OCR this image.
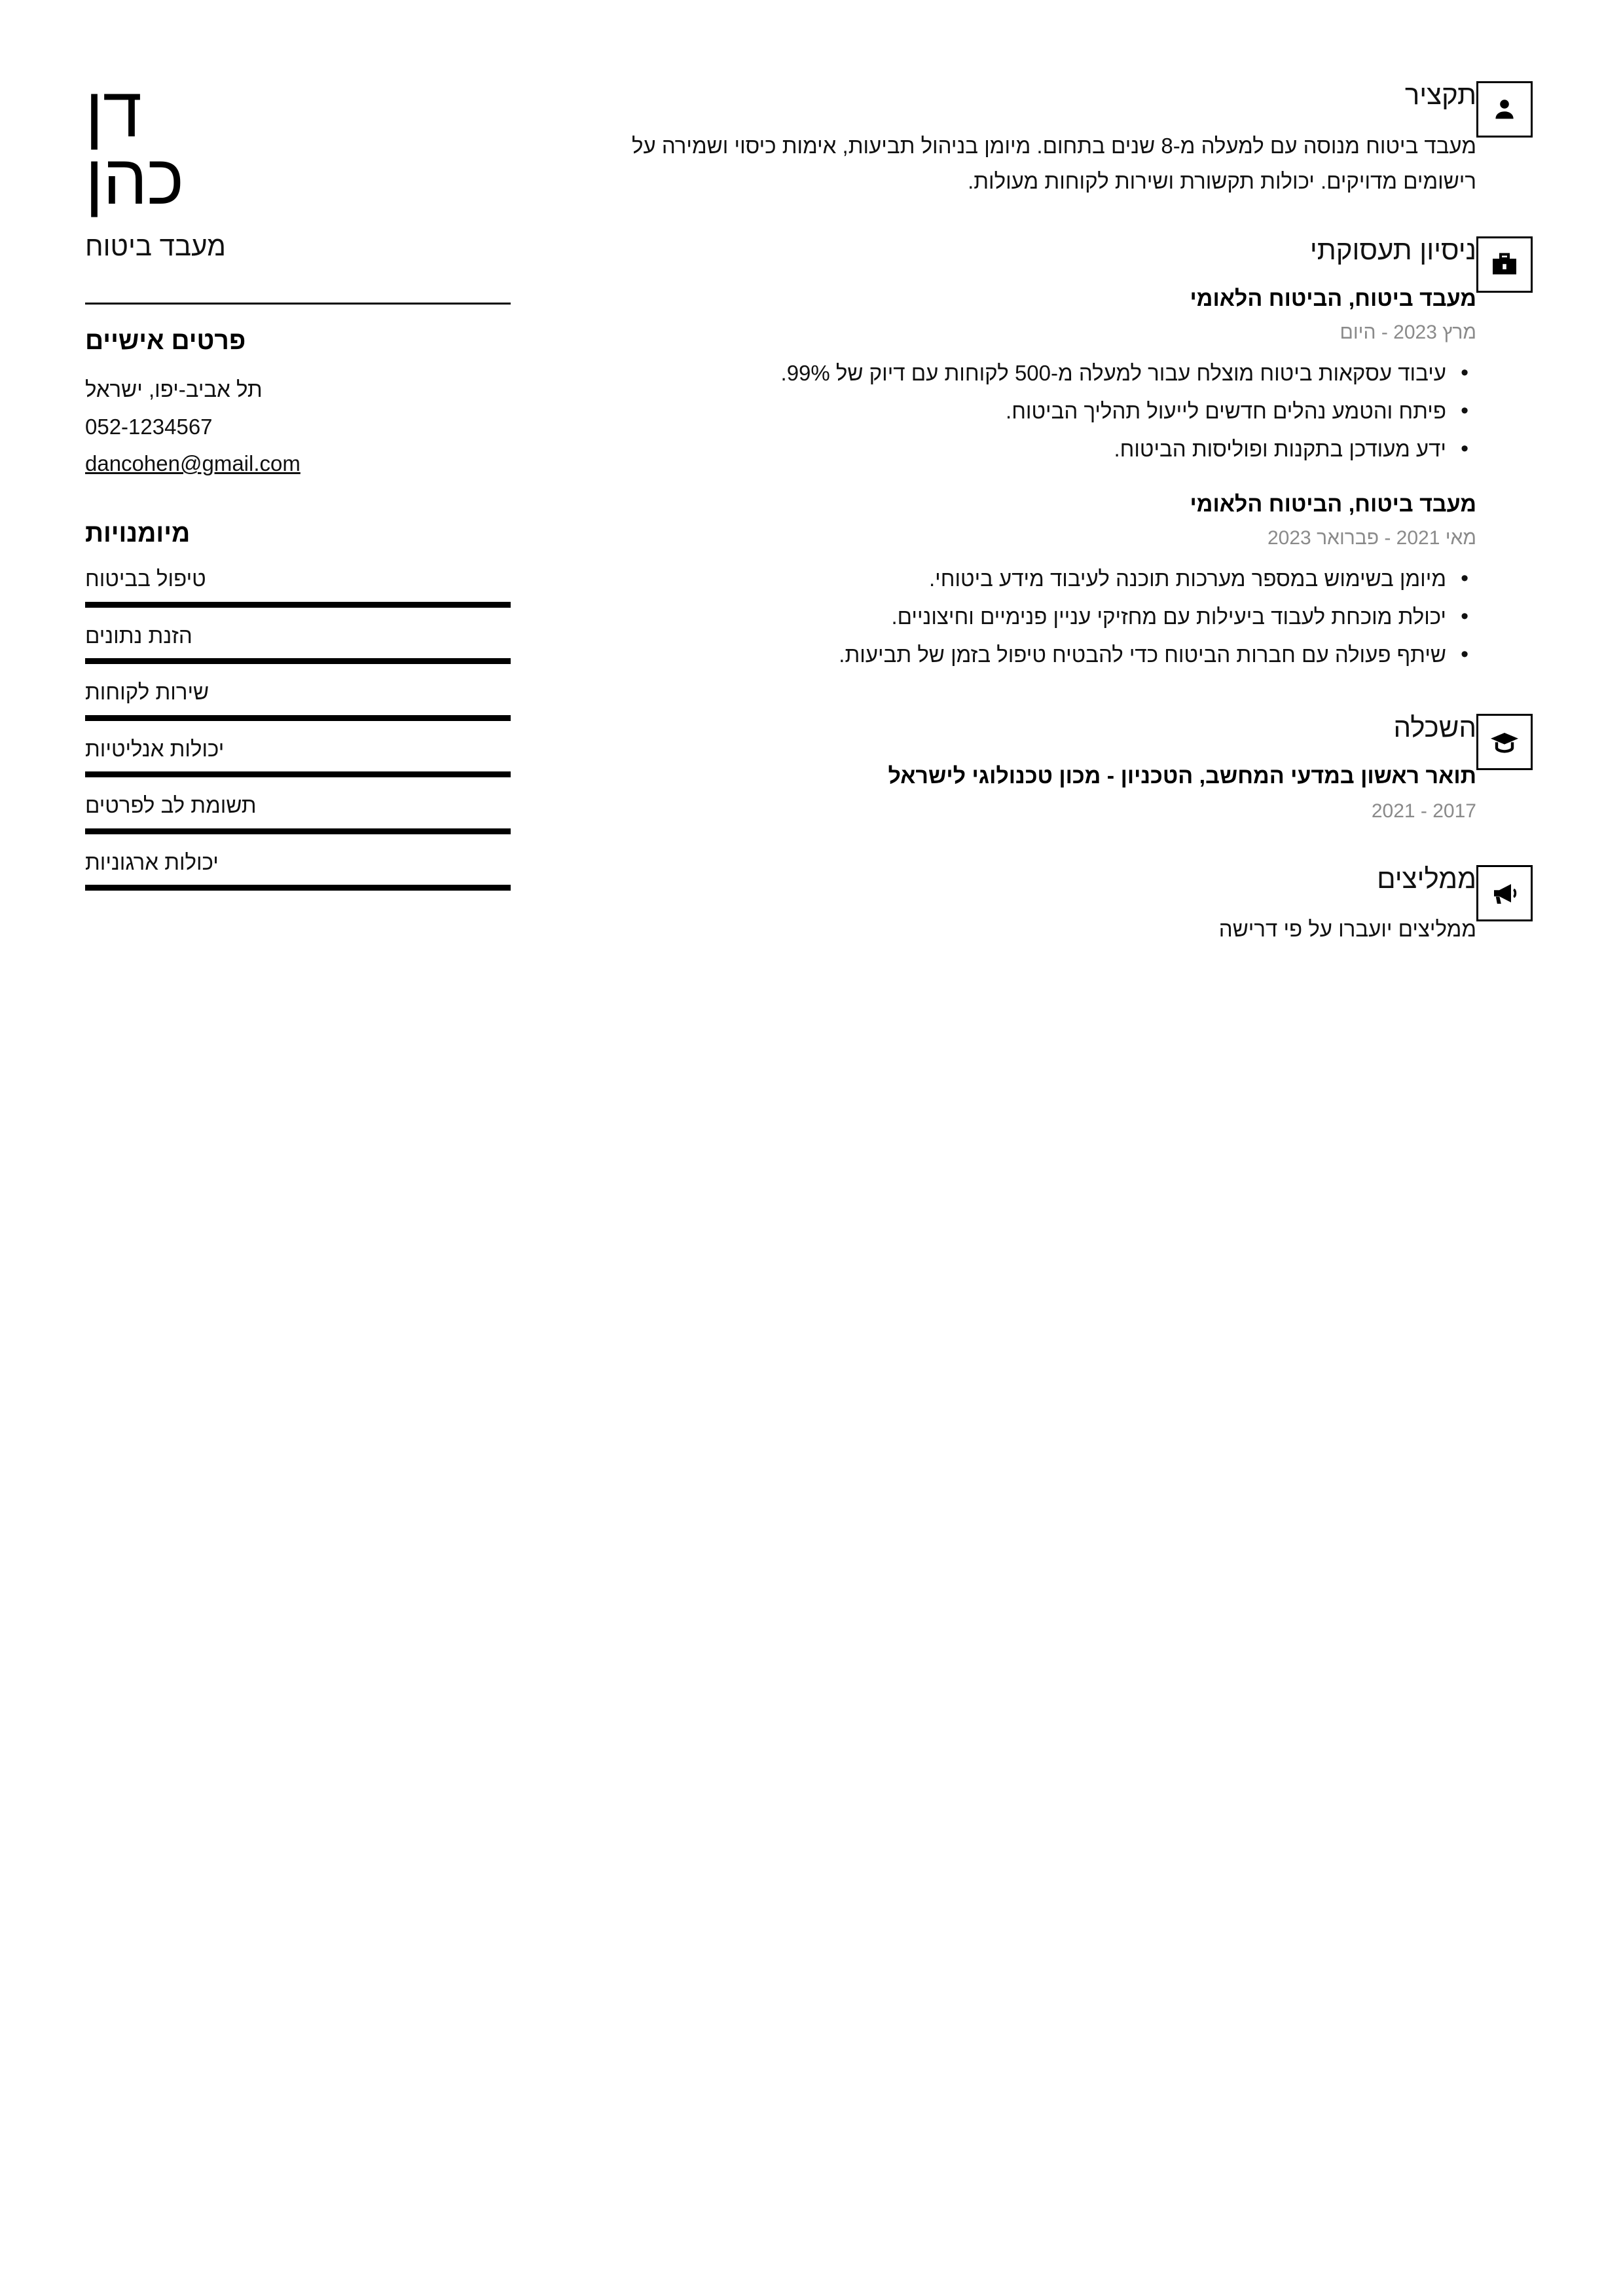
תקציר
מעבד ביטוח מנוסה עם למעלה מ-8 שנים בתחום. מיומן בניהול תביעות, אימות כיסוי ושמירה על רישומים מדויקים. יכולות תקשורת ושירות לקוחות מעולות.
ניסיון תעסוקתי
מעבד ביטוח, הביטוח הלאומי
מרץ 2023 - היום
• עיבוד עסקאות ביטוח מוצלח עבור למעלה מ-500 לקוחות עם דיוק של 99%.
• פיתח והטמע נהלים חדשים לייעול תהליך הביטוח.
• ידע מעודכן בתקנות ופוליסות הביטוח.
מעבד ביטוח, הביטוח הלאומי
מאי 2021 - פברואר 2023
• מיומן בשימוש במספר מערכות תוכנה לעיבוד מידע ביטוחי.
• יכולת מוכחת לעבוד ביעילות עם מחזיקי עניין פנימיים וחיצוניים.
• שיתף פעולה עם חברות הביטוח כדי להבטיח טיפול בזמן של תביעות.
השכלה
תואר ראשון במדעי המחשב, הטכניון - מכון טכנולוגי לישראל
2017 - 2021
ממליצים
ממליצים יועברו על פי דרישה
דן
כהן
מעבד ביטוח
פרטים אישיים
תל אביב-יפו, ישראל
052-1234567
dancohen@gmail.com
מיומנויות
טיפול בביטוח
הזנת נתונים
שירות לקוחות
יכולות אנליטיות
תשומת לב לפרטים
יכולות ארגוניות
